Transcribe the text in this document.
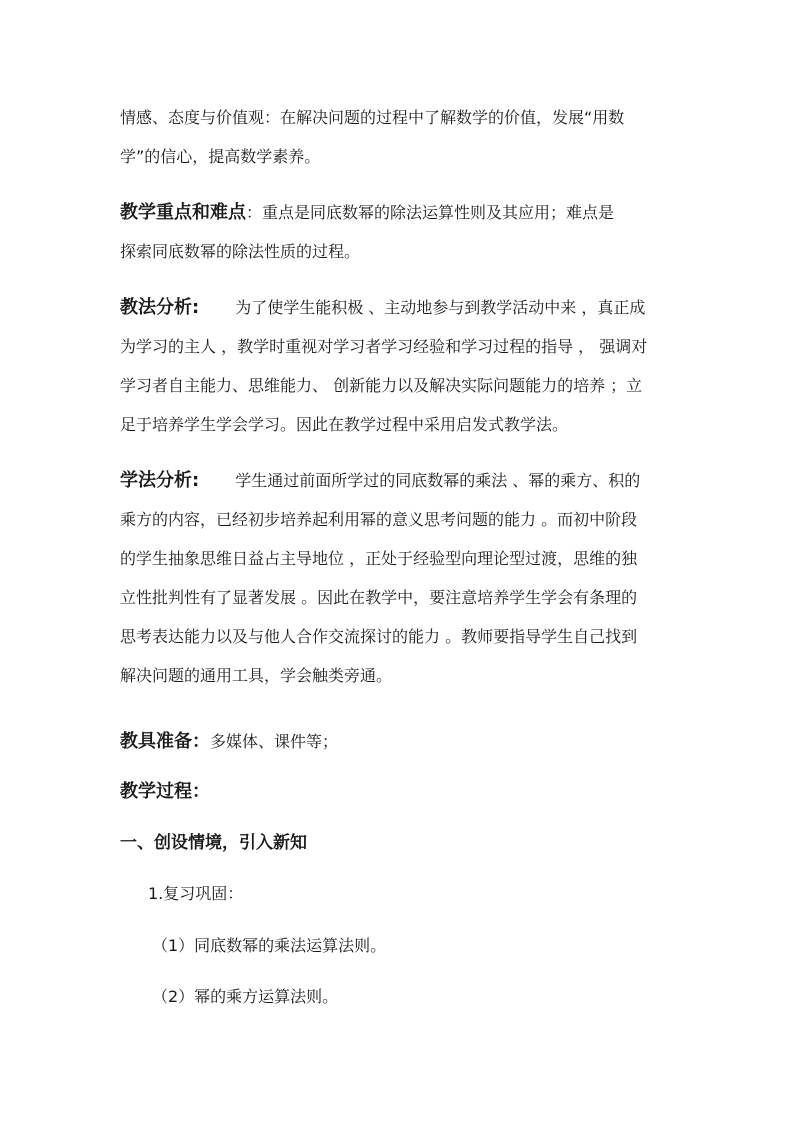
情感、态度与价值观：在解决问题的过程中了解数学的价值，发展“用数
学”的信心，提高数学素养。
教学重点和难点：重点是同底数幂的除法运算性则及其应用；难点是
探索同底数幂的除法性质的过程。
教法分析: 为了使学生能积极 、主动地参与到教学活动中来 ，真正成
为学习的主人 ，教学时重视对学习者学习经验和学习过程的指导 ， 强调对
学习者自主能力、思维能力、 创新能力以及解决实际问题能力的培养 ；立
足于培养学生学会学习。因此在教学过程中采用启发式教学法。
学法分析: 学生通过前面所学过的同底数幂的乘法 、幂的乘方、积的
乘方的内容，已经初步培养起利用幂的意义思考问题的能力 。而初中阶段
的学生抽象思维日益占主导地位 ，正处于经验型向理论型过渡，思维的独
立性批判性有了显著发展 。因此在教学中，要注意培养学生学会有条理的
思考表达能力以及与他人合作交流探讨的能力 。教师要指导学生自己找到
解决问题的通用工具，学会触类旁通。
教具准备：多媒体、课件等；
教学过程：
一、创设情境，引入新知
1.复习巩固：
（1）同底数幂的乘法运算法则。
（2）幂的乘方运算法则。
